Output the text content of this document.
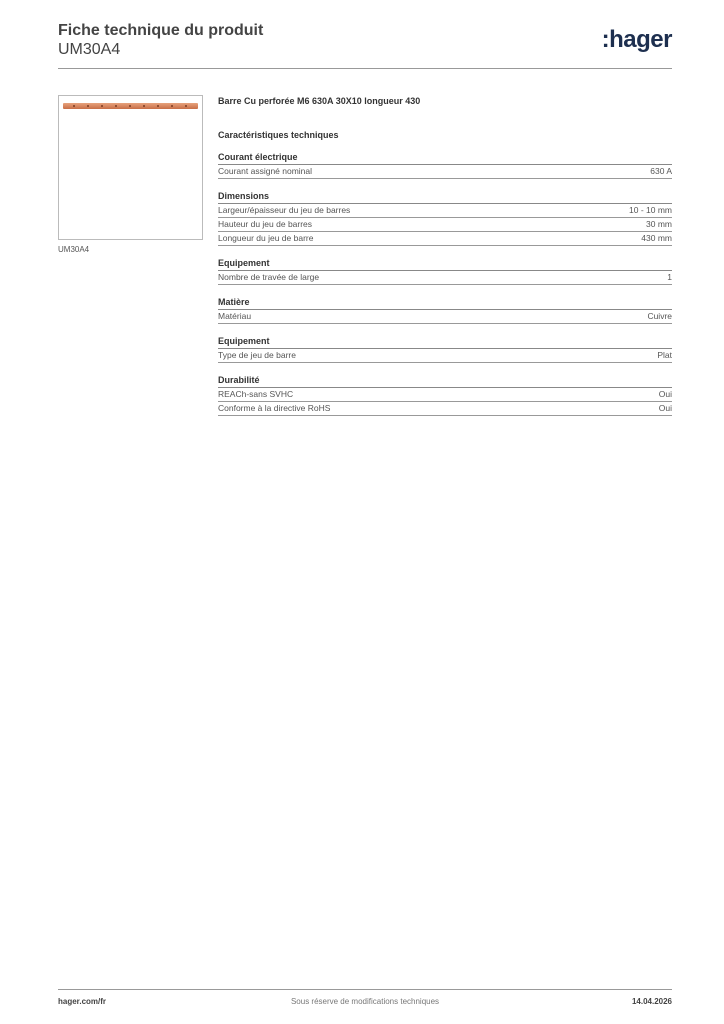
Fiche technique du produit
UM30A4	:hager
UM30A4
Barre Cu perforée M6 630A 30X10 longueur 430
Caractéristiques techniques
Courant électrique
Courant assigné nominal	630 A
Dimensions
Largeur/épaisseur du jeu de barres	10 - 10 mm
Hauteur du jeu de barres	30 mm
Longueur du jeu de barre	430 mm
Equipement
Nombre de travée de large	1
Matière
Matériau	Cuivre
Equipement
Type de jeu de barre	Plat
Durabilité
REACh-sans SVHC	Oui
Conforme à la directive RoHS	Oui
hager.com/fr	Sous réserve de modifications techniques	14.04.2026
